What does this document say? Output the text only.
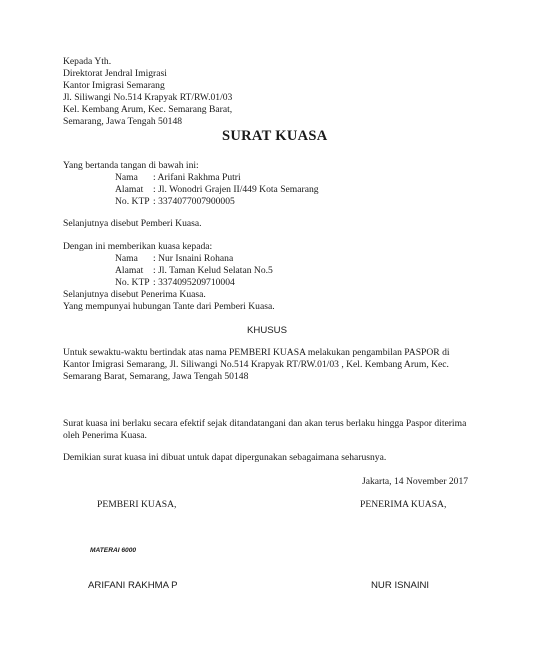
Kepada Yth.
Direktorat Jendral Imigrasi
Kantor Imigrasi Semarang
Jl. Siliwangi No.514 Krapyak RT/RW.01/03
Kel. Kembang Arum, Kec. Semarang Barat,
Semarang, Jawa Tengah 50148
SURAT KUASA
Yang bertanda tangan di bawah ini:
Nama : Arifani Rakhma Putri
Alamat : Jl. Wonodri Grajen II/449 Kota Semarang
No. KTP : 3374077007900005
Selanjutnya disebut Pemberi Kuasa.
Dengan ini memberikan kuasa kepada:
Nama : Nur Isnaini Rohana
Alamat : Jl. Taman Kelud Selatan No.5
No. KTP : 3374095209710004
Selanjutnya disebut Penerima Kuasa.
Yang mempunyai hubungan Tante dari Pemberi Kuasa.
KHUSUS
Untuk sewaktu-waktu bertindak atas nama PEMBERI KUASA melakukan pengambilan PASPOR di
Kantor Imigrasi Semarang, Jl. Siliwangi No.514 Krapyak RT/RW.01/03 , Kel. Kembang Arum, Kec.
Semarang Barat, Semarang, Jawa Tengah 50148
Surat kuasa ini berlaku secara efektif sejak ditandatangani dan akan terus berlaku hingga Paspor diterima
oleh Penerima Kuasa.
Demikian surat kuasa ini dibuat untuk dapat dipergunakan sebagaimana seharusnya.
Jakarta, 14 November 2017
PEMBERI KUASA,	PENERIMA KUASA,
MATERAI 6000
ARIFANI RAKHMA P	NUR ISNAINI
